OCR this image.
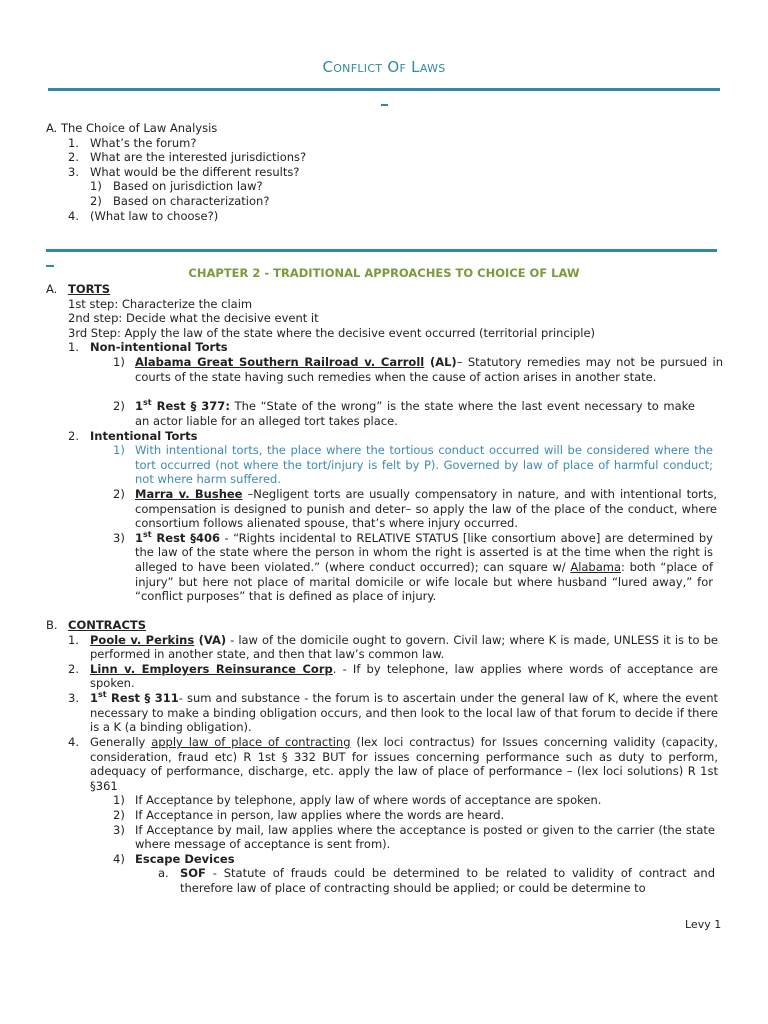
Conflict Of Laws
A. The Choice of Law Analysis
1. What’s the forum?
2. What are the interested jurisdictions?
3. What would be the different results?
1) Based on jurisdiction law?
2) Based on characterization?
4. (What law to choose?)
CHAPTER 2 - TRADITIONAL APPROACHES TO CHOICE OF LAW
A. TORTS
1st step: Characterize the claim
2nd step: Decide what the decisive event it
3rd Step: Apply the law of the state where the decisive event occurred (territorial principle)
1. Non-intentional Torts
1) Alabama Great Southern Railroad v. Carroll (AL)– Statutory remedies may not be pursued in courts of the state having such remedies when the cause of action arises in another state.
2) 1st Rest § 377: The “State of the wrong” is the state where the last event necessary to make an actor liable for an alleged tort takes place.
2. Intentional Torts
1) With intentional torts, the place where the tortious conduct occurred will be considered where the tort occurred (not where the tort/injury is felt by P). Governed by law of place of harmful conduct; not where harm suffered.
2) Marra v. Bushee –Negligent torts are usually compensatory in nature, and with intentional torts, compensation is designed to punish and deter– so apply the law of the place of the conduct, where consortium follows alienated spouse, that’s where injury occurred.
3) 1st Rest §406 - “Rights incidental to RELATIVE STATUS [like consortium above] are determined by the law of the state where the person in whom the right is asserted is at the time when the right is alleged to have been violated.” (where conduct occurred); can square w/ Alabama: both “place of injury” but here not place of marital domicile or wife locale but where husband “lured away,” for “conflict purposes” that is defined as place of injury.
B. CONTRACTS
1. Poole v. Perkins (VA) - law of the domicile ought to govern. Civil law; where K is made, UNLESS it is to be performed in another state, and then that law’s common law.
2. Linn v. Employers Reinsurance Corp. - If by telephone, law applies where words of acceptance are spoken.
3. 1st Rest § 311- sum and substance - the forum is to ascertain under the general law of K, where the event necessary to make a binding obligation occurs, and then look to the local law of that forum to decide if there is a K (a binding obligation).
4. Generally apply law of place of contracting (lex loci contractus) for Issues concerning validity (capacity, consideration, fraud etc) R 1st § 332 BUT for issues concerning performance such as duty to perform, adequacy of performance, discharge, etc. apply the law of place of performance – (lex loci solutions) R 1st §361
1) If Acceptance by telephone, apply law of where words of acceptance are spoken.
2) If Acceptance in person, law applies where the words are heard.
3) If Acceptance by mail, law applies where the acceptance is posted or given to the carrier (the state where message of acceptance is sent from).
4) Escape Devices
a. SOF - Statute of frauds could be determined to be related to validity of contract and therefore law of place of contracting should be applied; or could be determine to
Levy 1
